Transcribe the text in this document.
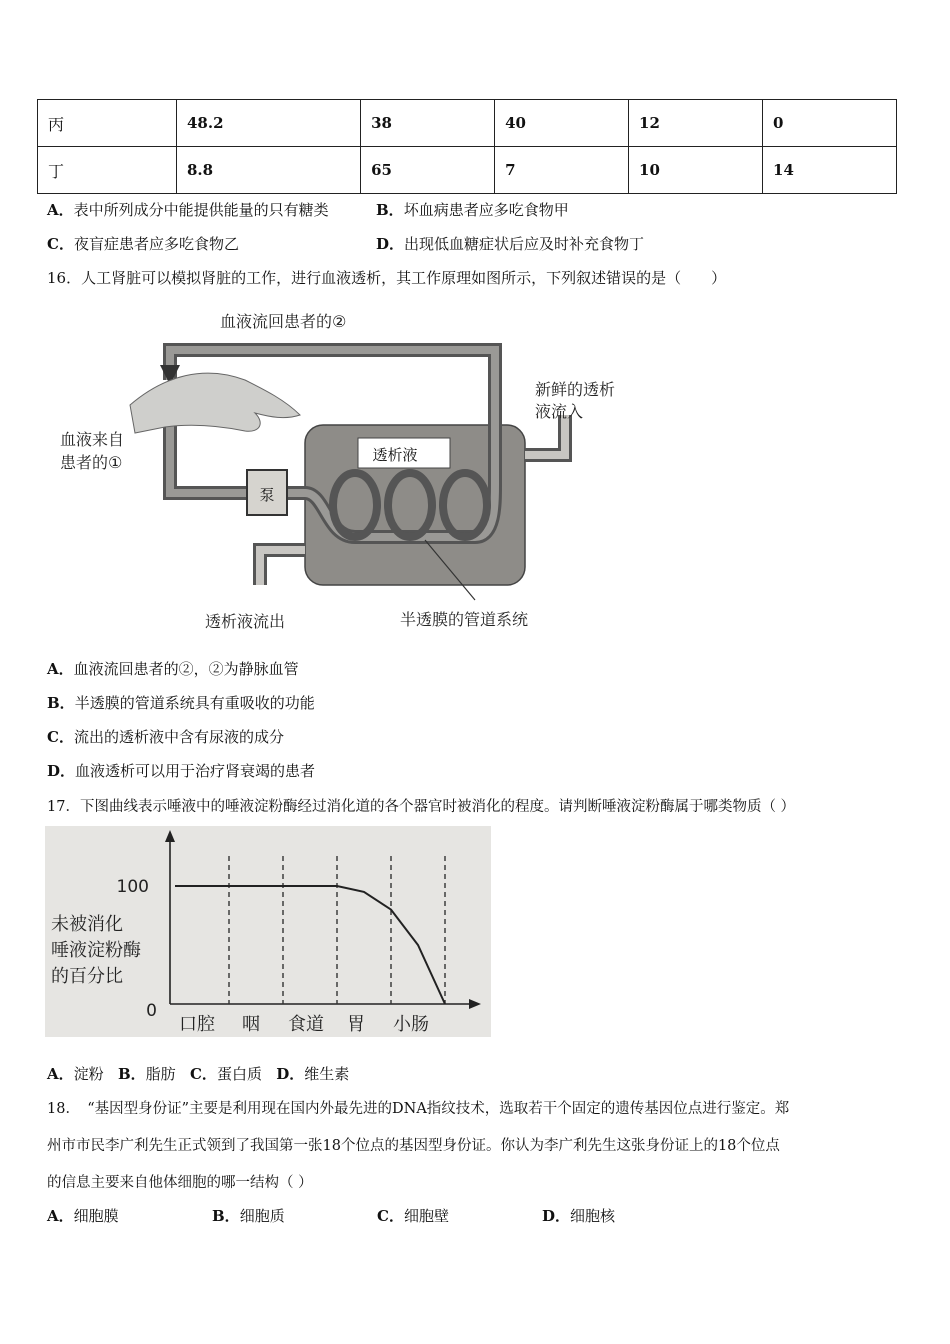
丙	48.2	38	40	12	0
丁	8.8	65	7	10	14
A．表中所列成分中能提供能量的只有糖类	B．坏血病患者应多吃食物甲
C．夜盲症患者应多吃食物乙	D．出现低血糖症状后应及时补充食物丁
16．人工肾脏可以模拟肾脏的工作，进行血液透析，其工作原理如图所示，下列叙述错误的是（　　）
泵
透析液
血液流回患者的②
新鲜的透析
液流入
血液来自
患者的①
透析液流出	半透膜的管道系统
A．血液流回患者的②，②为静脉血管
B．半透膜的管道系统具有重吸收的功能
C．流出的透析液中含有尿液的成分
D．血液透析可以用于治疗肾衰竭的患者
17．下图曲线表示唾液中的唾液淀粉酶经过消化道的各个器官时被消化的程度。请判断唾液淀粉酶属于哪类物质（ ）
100
0
未被消化
唾液淀粉酶
的百分比
口腔 咽 食道 胃 小肠
A．淀粉 B．脂肪 C．蛋白质 D．维生素
18．　“基因型身份证”主要是利用现在国内外最先进的DNA指纹技术，选取若干个固定的遗传基因位点进行鉴定。郑
州市市民李广利先生正式领到了我国第一张18个位点的基因型身份证。你认为李广利先生这张身份证上的18个位点
的信息主要来自他体细胞的哪一结构（ ）
A．细胞膜	B．细胞质	C．细胞壁	D．细胞核
